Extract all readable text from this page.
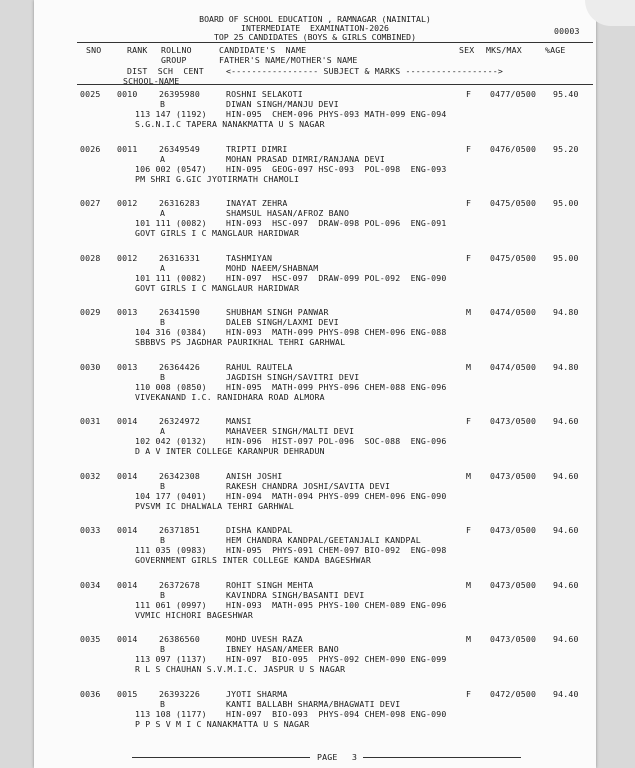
BOARD OF SCHOOL EDUCATION , RAMNAGAR (NAINITAL)
INTERMEDIATE  EXAMINATION-2026
TOP 25 CANDIDATES (BOYS & GIRLS COMBINED)
00003
SNO	RANK ROLLNO	CANDIDATE'S  NAME	SEX MKS/MAX	%AGE
GROUP	FATHER'S NAME/MOTHER'S NAME
DIST  SCH  CENT	<----------------- SUBJECT & MARKS ------------------>
SCHOOL-NAME
0025 0010	26395980	ROSHNI SELAKOTI	F 0477/0500 95.40
B	DIWAN SINGH/MANJU DEVI
113 147 (1192) HIN-095  CHEM-096 PHYS-093 MATH-099 ENG-094
S.G.N.I.C TAPERA NANAKMATTA U S NAGAR
0026 0011	26349549	TRIPTI DIMRI	F 0476/0500 95.20
A	MOHAN PRASAD DIMRI/RANJANA DEVI
106 002 (0547) HIN-095  GEOG-097 HSC-093  POL-098  ENG-093
PM SHRI G.GIC JYOTIRMATH CHAMOLI
0027 0012	26316283	INAYAT ZEHRA	F 0475/0500 95.00
A	SHAMSUL HASAN/AFROZ BANO
101 111 (0082) HIN-093  HSC-097  DRAW-098 POL-096  ENG-091
GOVT GIRLS I C MANGLAUR HARIDWAR
0028 0012	26316331	TASHMIYAN	F 0475/0500 95.00
A	MOHD NAEEM/SHABNAM
101 111 (0082) HIN-097  HSC-097  DRAW-099 POL-092  ENG-090
GOVT GIRLS I C MANGLAUR HARIDWAR
0029 0013	26341590	SHUBHAM SINGH PANWAR	M 0474/0500 94.80
B	DALEB SINGH/LAXMI DEVI
104 316 (0384) HIN-093  MATH-099 PHYS-098 CHEM-096 ENG-088
SBBBVS PS JAGDHAR PAURIKHAL TEHRI GARHWAL
0030 0013	26364426	RAHUL RAUTELA	M 0474/0500 94.80
B	JAGDISH SINGH/SAVITRI DEVI
110 008 (0850) HIN-095  MATH-099 PHYS-096 CHEM-088 ENG-096
VIVEKANAND I.C. RANIDHARA ROAD ALMORA
0031 0014	26324972	MANSI	F 0473/0500 94.60
A	MAHAVEER SINGH/MALTI DEVI
102 042 (0132) HIN-096  HIST-097 POL-096  SOC-088  ENG-096
D A V INTER COLLEGE KARANPUR DEHRADUN
0032 0014	26342308	ANISH JOSHI	M 0473/0500 94.60
B	RAKESH CHANDRA JOSHI/SAVITA DEVI
104 177 (0401) HIN-094  MATH-094 PHYS-099 CHEM-096 ENG-090
PVSVM IC DHALWALA TEHRI GARHWAL
0033 0014	26371851	DISHA KANDPAL	F 0473/0500 94.60
B	HEM CHANDRA KANDPAL/GEETANJALI KANDPAL
111 035 (0983) HIN-095  PHYS-091 CHEM-097 BIO-092  ENG-098
GOVERNMENT GIRLS INTER COLLEGE KANDA BAGESHWAR
0034 0014	26372678	ROHIT SINGH MEHTA	M 0473/0500 94.60
B	KAVINDRA SINGH/BASANTI DEVI
111 061 (0997) HIN-093  MATH-095 PHYS-100 CHEM-089 ENG-096
VVMIC HICHORI BAGESHWAR
0035 0014	26386560	MOHD UVESH RAZA	M 0473/0500 94.60
B	IBNEY HASAN/AMEER BANO
113 097 (1137) HIN-097  BIO-095  PHYS-092 CHEM-090 ENG-099
R L S CHAUHAN S.V.M.I.C. JASPUR U S NAGAR
0036 0015	26393226	JYOTI SHARMA	F 0472/0500 94.40
B	KANTI BALLABH SHARMA/BHAGWATI DEVI
113 108 (1177) HIN-097  BIO-093  PHYS-094 CHEM-098 ENG-090
P P S V M I C NANAKMATTA U S NAGAR
PAGE 3
